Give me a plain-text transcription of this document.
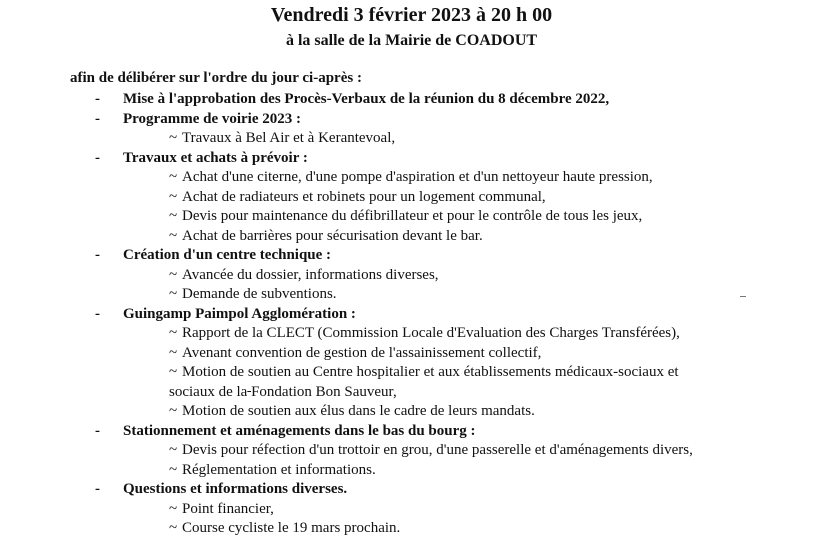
Vendredi 3 février 2023 à 20 h 00
à la salle de la Mairie de COADOUT
afin de délibérer sur l'ordre du jour ci-après :
- Mise à l'approbation des Procès-Verbaux de la réunion du 8 décembre 2022,
- Programme de voirie 2023 :
~ Travaux à Bel Air et à Kerantevoal,
- Travaux et achats à prévoir :
~ Achat d'une citerne, d'une pompe d'aspiration et d'un nettoyeur haute pression,
~ Achat de radiateurs et robinets pour un logement communal,
~ Devis pour maintenance du défibrillateur et pour le contrôle de tous les jeux,
~ Achat de barrières pour sécurisation devant le bar.
- Création d'un centre technique :
~ Avancée du dossier, informations diverses,
~ Demande de subventions.
- Guingamp Paimpol Agglomération :
~ Rapport de la CLECT (Commission Locale d'Evaluation des Charges Transférées),
~ Avenant convention de gestion de l'assainissement collectif,
~ Motion de soutien au Centre hospitalier et aux établissements médicaux-sociaux et
sociaux de la Fondation Bon Sauveur,
~ Motion de soutien aux élus dans le cadre de leurs mandats.
- Stationnement et aménagements dans le bas du bourg :
~ Devis pour réfection d'un trottoir en grou, d'une passerelle et d'aménagements divers,
~ Réglementation et informations.
- Questions et informations diverses.
~ Point financier,
~ Course cycliste le 19 mars prochain.
